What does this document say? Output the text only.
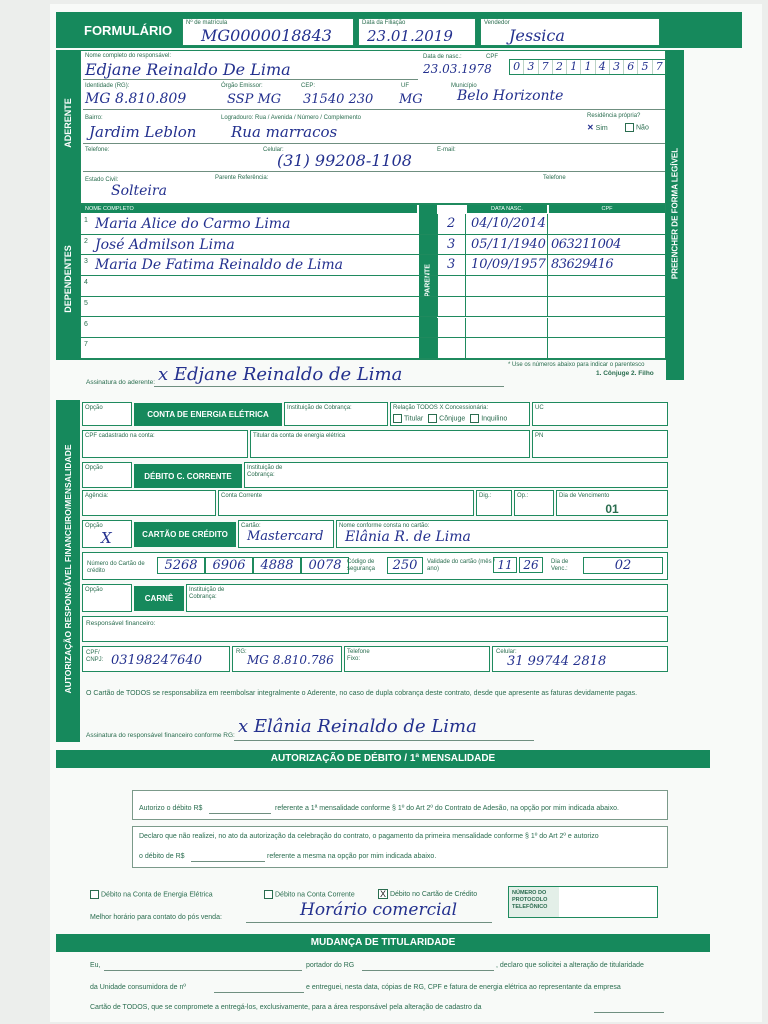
FORMULÁRIO Nº de matrícula
MG0000018843
Data da Filiação
23.01.2019
Vendedor
Jessica
ADERENTE
PREENCHER DE FORMA LEGÍVEL
Nome completo do responsável:
Edjane Reinaldo De Lima
Data de nasc.:
23.03.1978
CPF
0 3 7 2 1 1 4 3 6 5 7
Identidade (RG):
MG 8.810.809
Órgão Emissor:
SSP MG
CEP:
31540 230
UF
MG
Município
Belo Horizonte
Bairro:
Jardim Leblon
Logradouro: Rua / Avenida / Número / Complemento
Rua marracos
Residência própria?
✕ Sim	Não
Telefone:	Celular:
(31) 99208-1108
E-mail:
Estado Civil:
Solteira
Parente Referência:	Telefone
DEPENDENTES
NOME COMPLETO
PARENTE
DATA NASC.	CPF
1 Maria Alice do Carmo Lima	2 04/10/2014
2 José Admilson Lima	3 05/11/1940 063211004
3 Maria De Fatima Reinaldo de Lima	3 10/09/1957 83629416
4
5
6
7
* Use os números abaixo para indicar o parentesco
1. Cônjuge 2. Filho
Assinatura do aderente: x Edjane Reinaldo de Lima
AUTORIZAÇÃO RESPONSÁVEL FINANCEIRO/MENSALIDADE
Opção
CONTA DE ENERGIA ELÉTRICA
Instituição de Cobrança:	Relação TODOS X Concessionária:
Titular Cônjuge Inquilino
UC
CPF cadastrado na conta:	Titular da conta de energia elétrica	PN
Opção
DÉBITO C. CORRENTE
Instituição de Cobrança:
Agência:	Conta Corrente	Dig.:	Op.:	Dia de Vencimento
01
Opção
X	CARTÃO DE CRÉDITO
Cartão:
Mastercard
Nome conforme consta no cartão:
Elânia R. de Lima
Número do Cartão de crédito	5268	6906	4888	0078 Código de segurança	250	Validade do cartão (mês / ano)	11 26	Dia de Venc.:	02
Opção
CARNÊ
Instituição de Cobrança:
Responsável financeiro:
CPF/ CNPJ: 03198247640
RG:
MG 8.810.786
Telefone Fixo:
Celular:
31 99744 2818
O Cartão de TODOS se responsabiliza em reembolsar integralmente o Aderente, no caso de dupla cobrança deste contrato, desde que apresente as faturas devidamente pagas.
Assinatura do responsável financeiro conforme RG: x Elânia Reinaldo de Lima
AUTORIZAÇÃO DE DÉBITO / 1ª MENSALIDADE
Autorizo o débito R$	referente a 1ª mensalidade conforme § 1º do Art 2º do Contrato de Adesão, na opção por mim indicada abaixo.
Declaro que não realizei, no ato da autorização da celebração do contrato, o pagamento da primeira mensalidade conforme § 1º do Art 2º e autorizo
o débito de R$	referente a mesma na opção por mim indicada abaixo.
Débito na Conta de Energia Elétrica	Débito na Conta Corrente	X Débito no Cartão de Crédito	NÚMERO DO PROTOCOLO TELEFÔNICO
Melhor horário para contato do pós venda:	Horário comercial
MUDANÇA DE TITULARIDADE
Eu,	portador do RG	, declaro que solicitei a alteração de titularidade
da Unidade consumidora de nº	e entreguei, nesta data, cópias de RG, CPF e fatura de energia elétrica ao representante da empresa
Cartão de TODOS, que se compromete a entregá-los, exclusivamente, para a área responsável pela alteração de cadastro da
